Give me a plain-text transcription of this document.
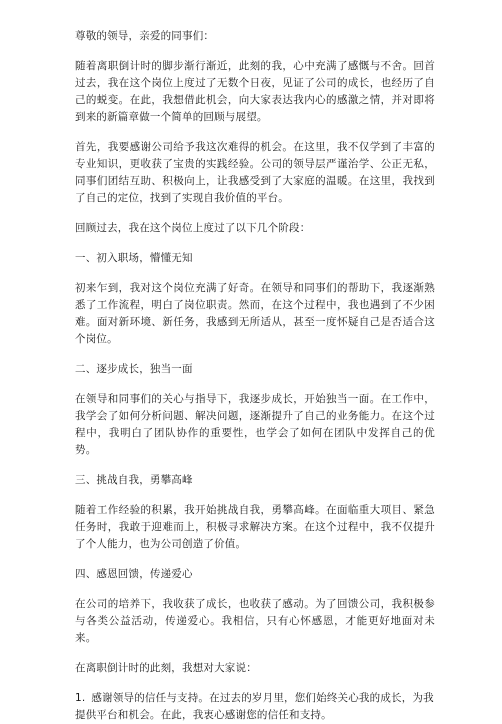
尊敬的领导，亲爱的同事们：

随着离职倒计时的脚步渐行渐近，此刻的我，心中充满了感慨与不舍。回首过去，我在这个岗位上度过了无数个日夜，见证了公司的成长，也经历了自己的蜕变。在此，我想借此机会，向大家表达我内心的感激之情，并对即将到来的新篇章做一个简单的回顾与展望。

首先，我要感谢公司给予我这次难得的机会。在这里，我不仅学到了丰富的专业知识，更收获了宝贵的实践经验。公司的领导层严谨治学、公正无私，同事们团结互助、积极向上，让我感受到了大家庭的温暖。在这里，我找到了自己的定位，找到了实现自我价值的平台。

回顾过去，我在这个岗位上度过了以下几个阶段：

一、初入职场，懵懂无知

初来乍到，我对这个岗位充满了好奇。在领导和同事们的帮助下，我逐渐熟悉了工作流程，明白了岗位职责。然而，在这个过程中，我也遇到了不少困难。面对新环境、新任务，我感到无所适从，甚至一度怀疑自己是否适合这个岗位。

二、逐步成长，独当一面

在领导和同事们的关心与指导下，我逐步成长，开始独当一面。在工作中，我学会了如何分析问题、解决问题，逐渐提升了自己的业务能力。在这个过程中，我明白了团队协作的重要性，也学会了如何在团队中发挥自己的优势。

三、挑战自我，勇攀高峰

随着工作经验的积累，我开始挑战自我，勇攀高峰。在面临重大项目、紧急任务时，我敢于迎难而上，积极寻求解决方案。在这个过程中，我不仅提升了个人能力，也为公司创造了价值。

四、感恩回馈，传递爱心

在公司的培养下，我收获了成长，也收获了感动。为了回馈公司，我积极参与各类公益活动，传递爱心。我相信，只有心怀感恩，才能更好地面对未来。

在离职倒计时的此刻，我想对大家说：

1. 感谢领导的信任与支持。在过去的岁月里，您们始终关心我的成长，为我提供平台和机会。在此，我衷心感谢您的信任和支持。
